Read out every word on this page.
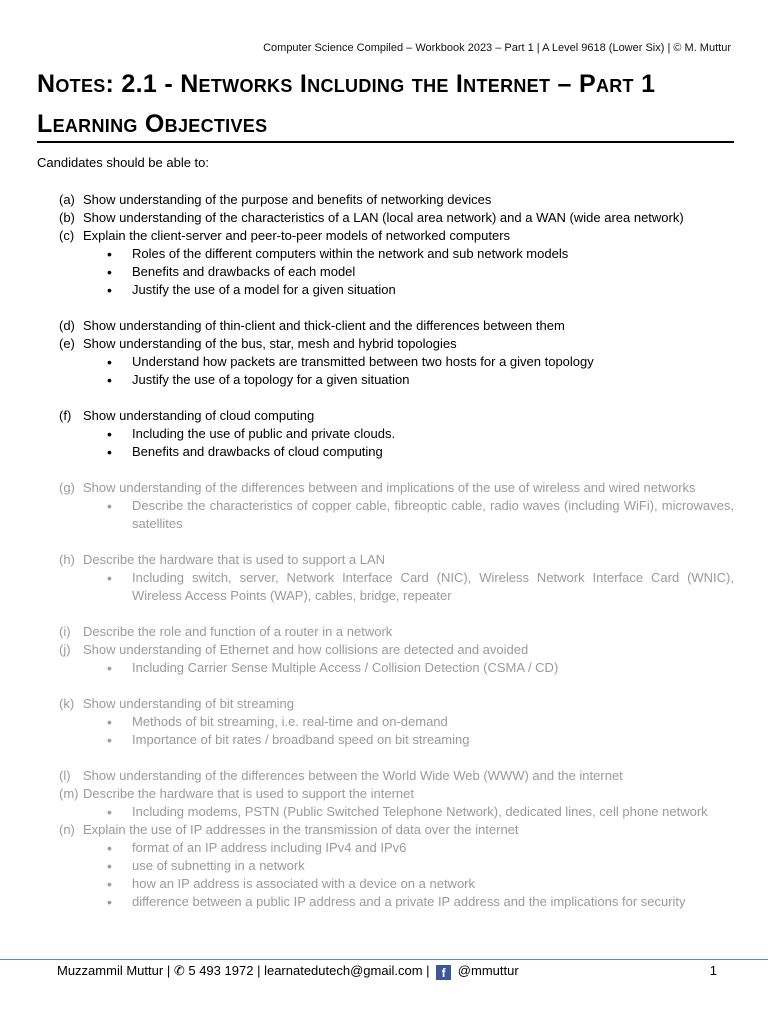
Computer Science Compiled – Workbook 2023 – Part 1 | A Level 9618 (Lower Six) | © M. Muttur
Notes: 2.1 - Networks Including the Internet – Part 1
Learning Objectives
Candidates should be able to:
(a) Show understanding of the purpose and benefits of networking devices
(b) Show understanding of the characteristics of a LAN (local area network) and a WAN (wide area network)
(c) Explain the client-server and peer-to-peer models of networked computers
• Roles of the different computers within the network and sub network models
• Benefits and drawbacks of each model
• Justify the use of a model for a given situation
(d) Show understanding of thin-client and thick-client and the differences between them
(e) Show understanding of the bus, star, mesh and hybrid topologies
• Understand how packets are transmitted between two hosts for a given topology
• Justify the use of a topology for a given situation
(f) Show understanding of cloud computing
• Including the use of public and private clouds.
• Benefits and drawbacks of cloud computing
(g) Show understanding of the differences between and implications of the use of wireless and wired networks
• Describe the characteristics of copper cable, fibreoptic cable, radio waves (including WiFi), microwaves, satellites
(h) Describe the hardware that is used to support a LAN
• Including switch, server, Network Interface Card (NIC), Wireless Network Interface Card (WNIC), Wireless Access Points (WAP), cables, bridge, repeater
(i) Describe the role and function of a router in a network
(j) Show understanding of Ethernet and how collisions are detected and avoided
• Including Carrier Sense Multiple Access / Collision Detection (CSMA / CD)
(k) Show understanding of bit streaming
• Methods of bit streaming, i.e. real-time and on-demand
• Importance of bit rates / broadband speed on bit streaming
(l) Show understanding of the differences between the World Wide Web (WWW) and the internet
(m) Describe the hardware that is used to support the internet
• Including modems, PSTN (Public Switched Telephone Network), dedicated lines, cell phone network
(n) Explain the use of IP addresses in the transmission of data over the internet
• format of an IP address including IPv4 and IPv6
• use of subnetting in a network
• how an IP address is associated with a device on a network
• difference between a public IP address and a private IP address and the implications for security
Muzzammil Muttur | ✆ 5 493 1972 | learnatedutech@gmail.com | f @mmuttur	1
